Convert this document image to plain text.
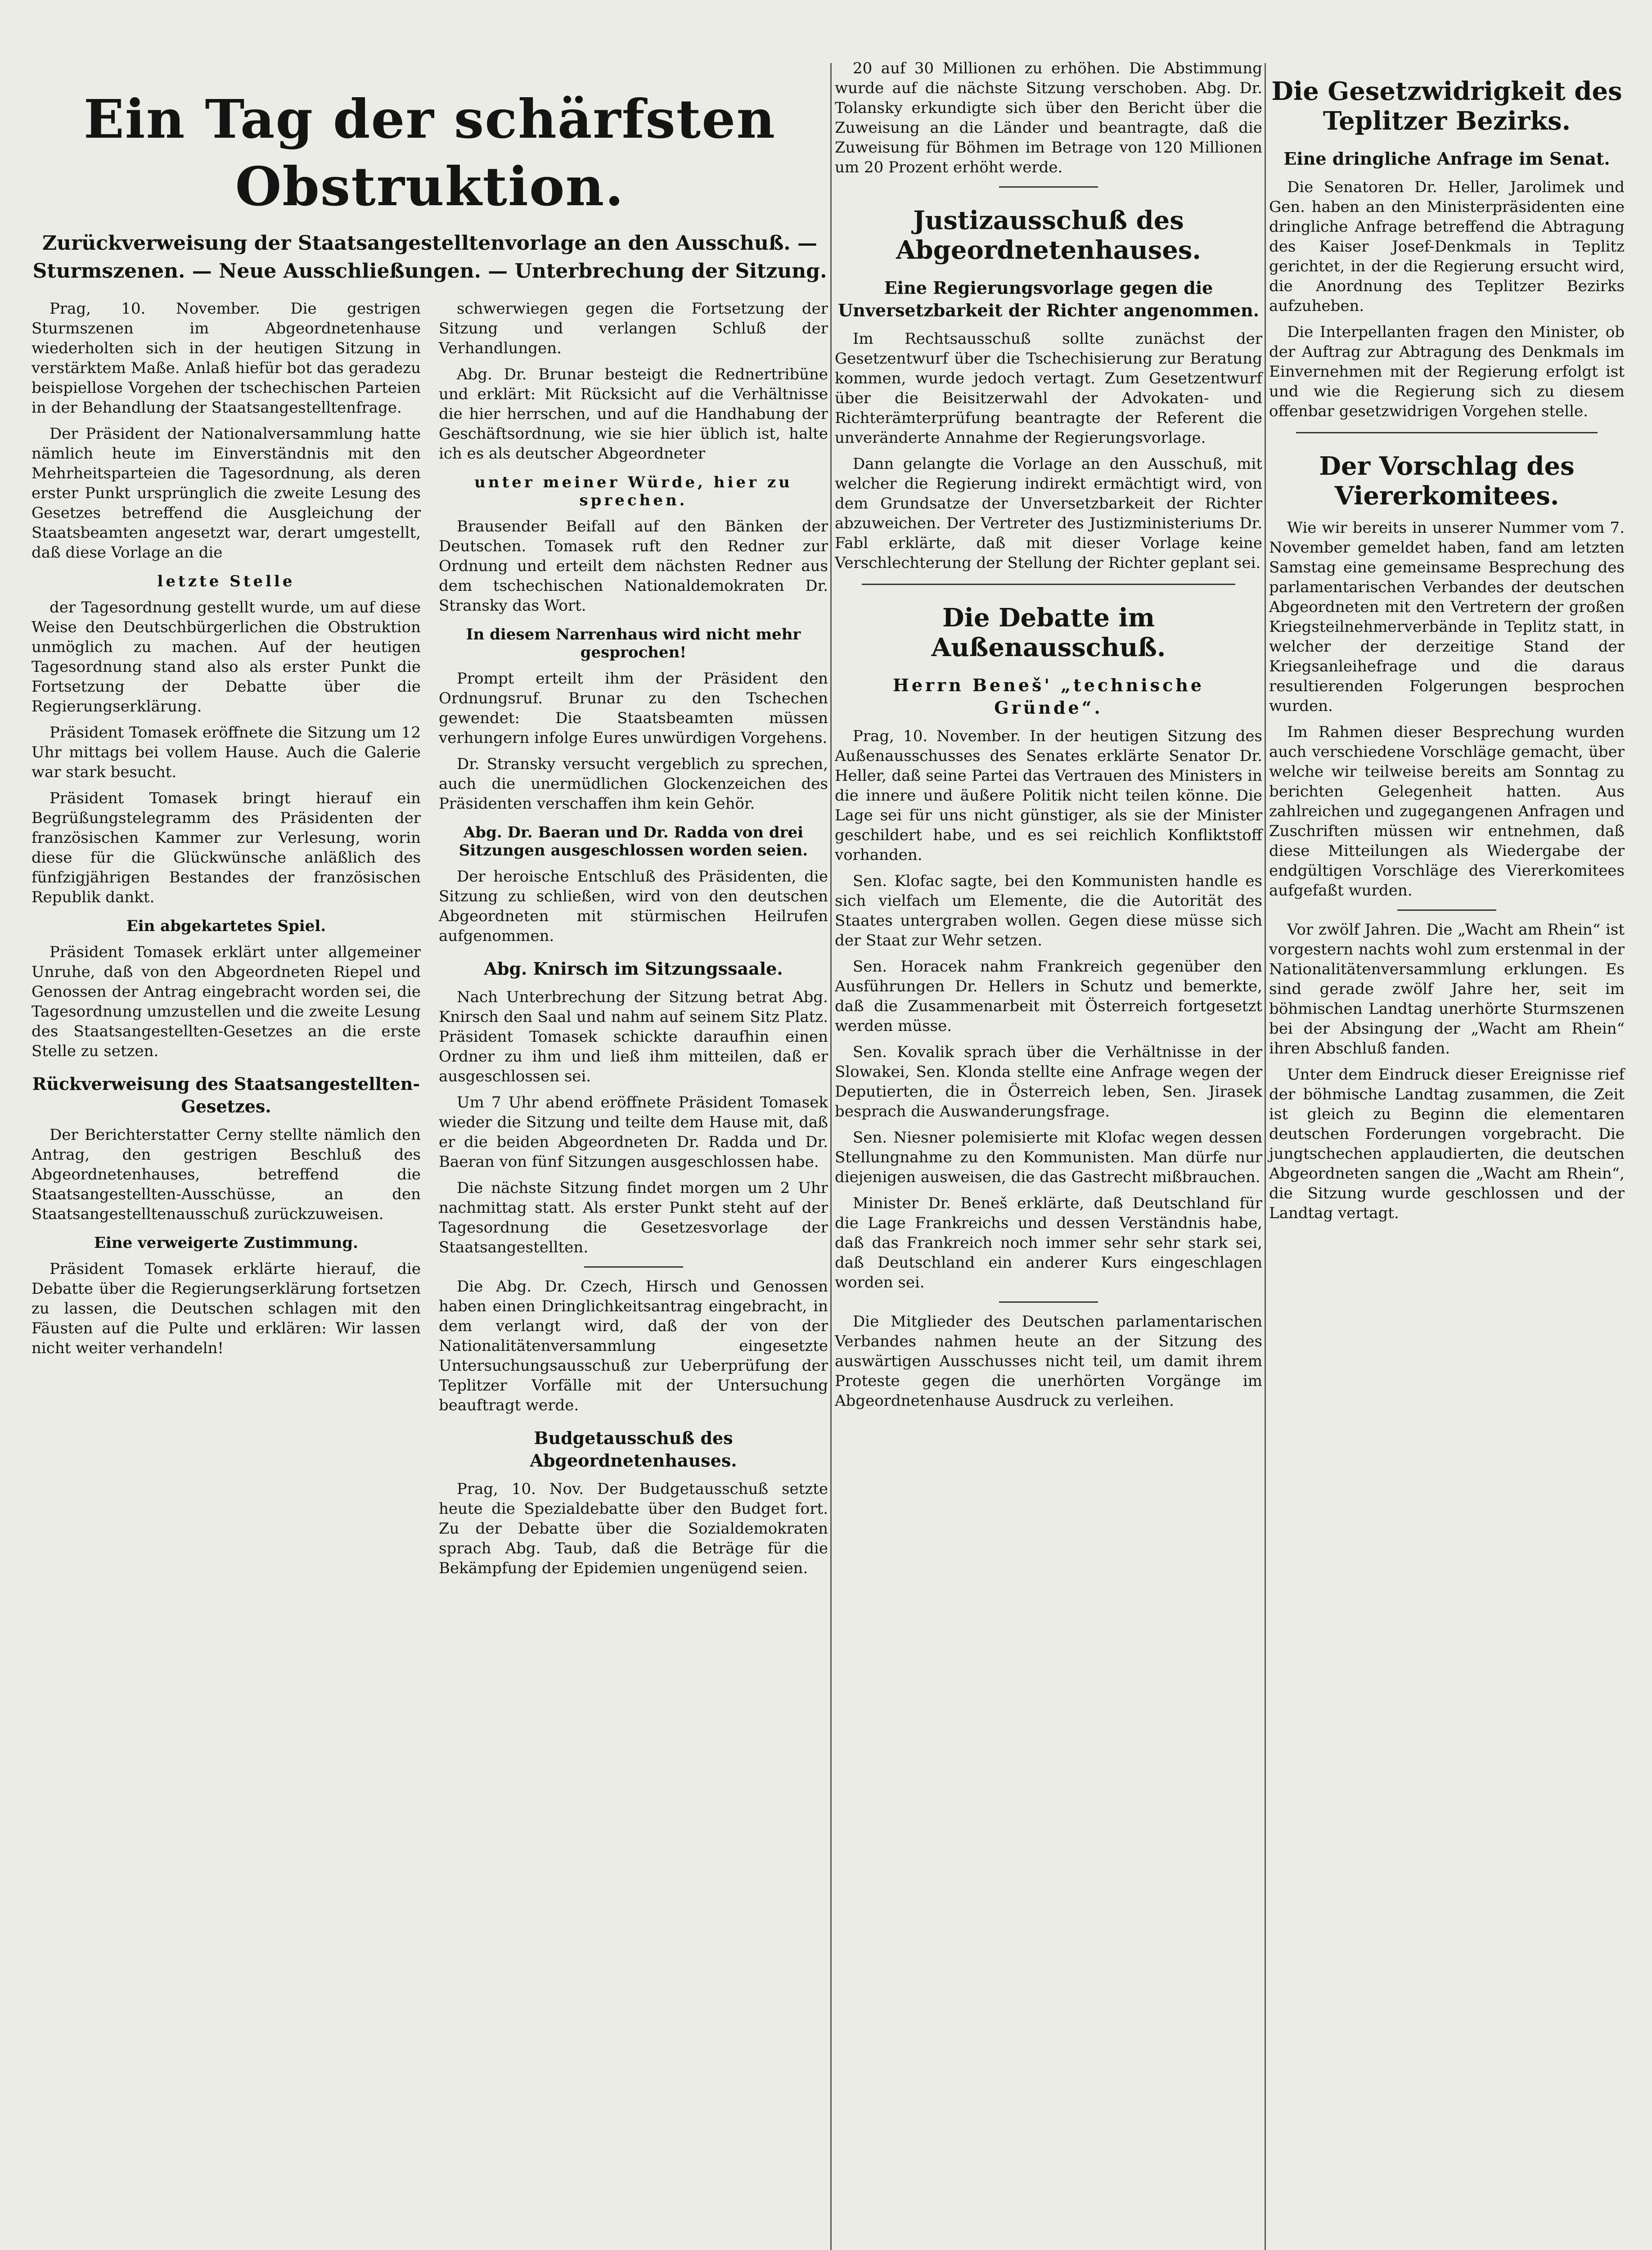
Ein Tag der schärfsten Obstruktion.
Zurückverweisung der Staatsangestelltenvorlage an den Ausschuß. — Sturmszenen. — Neue Ausschließungen. — Unterbrechung der Sitzung.

Prag, 10. November. Die gestrigen Sturmszenen im Abgeordnetenhause wiederholten sich in der heutigen Sitzung in verstärktem Maße. Anlaß hiefür bot das geradezu beispiellose Vorgehen der tschechischen Parteien in der Behandlung der Staatsangestelltenfrage.

Der Präsident der Nationalversammlung hatte nämlich heute im Einverständnis mit den Mehrheitsparteien die Tagesordnung, als deren erster Punkt ursprünglich die zweite Lesung des Gesetzes betreffend die Ausgleichung der Staatsbeamten angesetzt war, derart umgestellt, daß diese Vorlage an die

letzte Stelle

der Tagesordnung gestellt wurde, um auf diese Weise den Deutschbürgerlichen die Obstruktion unmöglich zu machen. Auf der heutigen Tagesordnung stand also als erster Punkt die Fortsetzung der Debatte über die Regierungserklärung.

Präsident Tomasek eröffnete die Sitzung um 12 Uhr mittags bei vollem Hause. Auch die Galerie war stark besucht.

Präsident Tomasek bringt hierauf ein Begrüßungstelegramm des Präsidenten der französischen Kammer zur Verlesung, worin diese für die Glückwünsche anläßlich des fünfzigjährigen Bestandes der französischen Republik dankt.

Ein abgekartetes Spiel.

Präsident Tomasek erklärt unter allgemeiner Unruhe, daß von den Abgeordneten Riepel und Genossen der Antrag eingebracht worden sei, die Tagesordnung umzustellen und die zweite Lesung des Staatsangestellten-Gesetzes an die erste Stelle zu setzen.

Rückverweisung des Staatsangestellten-Gesetzes.

Der Berichterstatter Cerny stellte nämlich den Antrag, den gestrigen Beschluß des Abgeordnetenhauses, betreffend die Staatsangestellten-Ausschüsse, an den Staatsangestelltenausschuß zurückzuweisen.

Eine verweigerte Zustimmung.

Präsident Tomasek erklärte hierauf, die Debatte über die Regierungserklärung fortsetzen zu lassen, die Deutschen schlagen mit den Fäusten auf die Pulte und erklären: Wir lassen nicht weiter verhandeln!

schwerwiegen gegen die Fortsetzung der Sitzung und verlangen Schluß der Verhandlungen.

Abg. Dr. Brunar besteigt die Rednertribüne und erklärt: Mit Rücksicht auf die Verhältnisse die hier herrschen, und auf die Handhabung der Geschäftsordnung, wie sie hier üblich ist, halte ich es als deutscher Abgeordneter

unter meiner Würde, hier zu sprechen.

Brausender Beifall auf den Bänken der Deutschen. Tomasek ruft den Redner zur Ordnung und erteilt dem nächsten Redner aus dem tschechischen Nationaldemokraten Dr. Stransky das Wort.

In diesem Narrenhaus wird nicht mehr gesprochen!

Prompt erteilt ihm der Präsident den Ordnungsruf. Brunar zu den Tschechen gewendet: Die Staatsbeamten müssen verhungern infolge Eures unwürdigen Vorgehens.

Dr. Stransky versucht vergeblich zu sprechen, auch die unermüdlichen Glockenzeichen des Präsidenten verschaffen ihm kein Gehör.

Abg. Dr. Baeran und Dr. Radda von drei Sitzungen ausgeschlossen worden seien.

Der heroische Entschluß des Präsidenten, die Sitzung zu schließen, wird von den deutschen Abgeordneten mit stürmischen Heilrufen aufgenommen.

Abg. Knirsch im Sitzungssaale.

Nach Unterbrechung der Sitzung betrat Abg. Knirsch den Saal und nahm auf seinem Sitz Platz. Präsident Tomasek schickte daraufhin einen Ordner zu ihm und ließ ihm mitteilen, daß er ausgeschlossen sei.

Um 7 Uhr abend eröffnete Präsident Tomasek wieder die Sitzung und teilte dem Hause mit, daß er die beiden Abgeordneten Dr. Radda und Dr. Baeran von fünf Sitzungen ausgeschlossen habe.

Die nächste Sitzung findet morgen um 2 Uhr nachmittag statt. Als erster Punkt steht auf der Tagesordnung die Gesetzesvorlage der Staatsangestellten.

Die Abg. Dr. Czech, Hirsch und Genossen haben einen Dringlichkeitsantrag eingebracht, in dem verlangt wird, daß der von der Nationalitätenversammlung eingesetzte Untersuchungsausschuß zur Ueberprüfung der Teplitzer Vorfälle mit der Untersuchung beauftragt werde.

Budgetausschuß des Abgeordnetenhauses.

Prag, 10. Nov. Der Budgetausschuß setzte heute die Spezialdebatte über den Budget fort. Zu der Debatte über die Sozialdemokraten sprach Abg. Taub, daß die Beträge für die Bekämpfung der Epidemien ungenügend seien.

20 auf 30 Millionen zu erhöhen. Die Abstimmung wurde auf die nächste Sitzung verschoben. Abg. Dr. Tolansky erkundigte sich über den Bericht über die Zuweisung an die Länder und beantragte, daß die Zuweisung für Böhmen im Betrage von 120 Millionen um 20 Prozent erhöht werde.

Justizausschuß des Abgeordnetenhauses.
Eine Regierungsvorlage gegen die Unversetzbarkeit der Richter angenommen.

Im Rechtsausschuß sollte zunächst der Gesetzentwurf über die Tschechisierung zur Beratung kommen, wurde jedoch vertagt. Zum Gesetzentwurf über die Beisitzerwahl der Advokaten- und Richterämterprüfung beantragte der Referent die unveränderte Annahme der Regierungsvorlage.

Dann gelangte die Vorlage an den Ausschuß, mit welcher die Regierung indirekt ermächtigt wird, von dem Grundsatze der Unversetzbarkeit der Richter abzuweichen. Der Vertreter des Justizministeriums Dr. Fabl erklärte, daß mit dieser Vorlage keine Verschlechterung der Stellung der Richter geplant sei.

Die Debatte im Außenausschuß.
Herrn Beneš' „technische Gründe“.

Prag, 10. November. In der heutigen Sitzung des Außenausschusses des Senates erklärte Senator Dr. Heller, daß seine Partei das Vertrauen des Ministers in die innere und äußere Politik nicht teilen könne. Die Lage sei für uns nicht günstiger, als sie der Minister geschildert habe, und es sei reichlich Konfliktstoff vorhanden.

Sen. Klofac sagte, bei den Kommunisten handle es sich vielfach um Elemente, die die Autorität des Staates untergraben wollen. Gegen diese müsse sich der Staat zur Wehr setzen.

Sen. Horacek nahm Frankreich gegenüber den Ausführungen Dr. Hellers in Schutz und bemerkte, daß die Zusammenarbeit mit Österreich fortgesetzt werden müsse.

Sen. Kovalik sprach über die Verhältnisse in der Slowakei, Sen. Klonda stellte eine Anfrage wegen der Deputierten, die in Österreich leben, Sen. Jirasek besprach die Auswanderungsfrage.

Sen. Niesner polemisierte mit Klofac wegen dessen Stellungnahme zu den Kommunisten. Man dürfe nur diejenigen ausweisen, die das Gastrecht mißbrauchen.

Minister Dr. Beneš erklärte, daß Deutschland für die Lage Frankreichs und dessen Verständnis habe, daß das Frankreich noch immer sehr sehr stark sei, daß Deutschland ein anderer Kurs eingeschlagen worden sei.

Die Mitglieder des Deutschen parlamentarischen Verbandes nahmen heute an der Sitzung des auswärtigen Ausschusses nicht teil, um damit ihrem Proteste gegen die unerhörten Vorgänge im Abgeordnetenhause Ausdruck zu verleihen.

Die Gesetzwidrigkeit des Teplitzer Bezirks.
Eine dringliche Anfrage im Senat.

Die Senatoren Dr. Heller, Jarolimek und Gen. haben an den Ministerpräsidenten eine dringliche Anfrage betreffend die Abtragung des Kaiser Josef-Denkmals in Teplitz gerichtet, in der die Regierung ersucht wird, die Anordnung des Teplitzer Bezirks aufzuheben.

Die Interpellanten fragen den Minister, ob der Auftrag zur Abtragung des Denkmals im Einvernehmen mit der Regierung erfolgt ist und wie die Regierung sich zu diesem offenbar gesetzwidrigen Vorgehen stelle.

Der Vorschlag des Viererkomitees.

Wie wir bereits in unserer Nummer vom 7. November gemeldet haben, fand am letzten Samstag eine gemeinsame Besprechung des parlamentarischen Verbandes der deutschen Abgeordneten mit den Vertretern der großen Kriegsteilnehmerverbände in Teplitz statt, in welcher der derzeitige Stand der Kriegsanleihefrage und die daraus resultierenden Folgerungen besprochen wurden.

Im Rahmen dieser Besprechung wurden auch verschiedene Vorschläge gemacht, über welche wir teilweise bereits am Sonntag zu berichten Gelegenheit hatten. Aus zahlreichen und zugegangenen Anfragen und Zuschriften müssen wir entnehmen, daß diese Mitteilungen als Wiedergabe der endgültigen Vorschläge des Viererkomitees aufgefaßt wurden.

Vor zwölf Jahren. Die „Wacht am Rhein“ ist vorgestern nachts wohl zum erstenmal in der Nationalitätenversammlung erklungen. Es sind gerade zwölf Jahre her, seit im böhmischen Landtag unerhörte Sturmszenen bei der Absingung der „Wacht am Rhein“ ihren Abschluß fanden.

Unter dem Eindruck dieser Ereignisse rief der böhmische Landtag zusammen, die Zeit ist gleich zu Beginn die elementaren deutschen Forderungen vorgebracht. Die jungtschechen applaudierten, die deutschen Abgeordneten sangen die „Wacht am Rhein“, die Sitzung wurde geschlossen und der Landtag vertagt.
